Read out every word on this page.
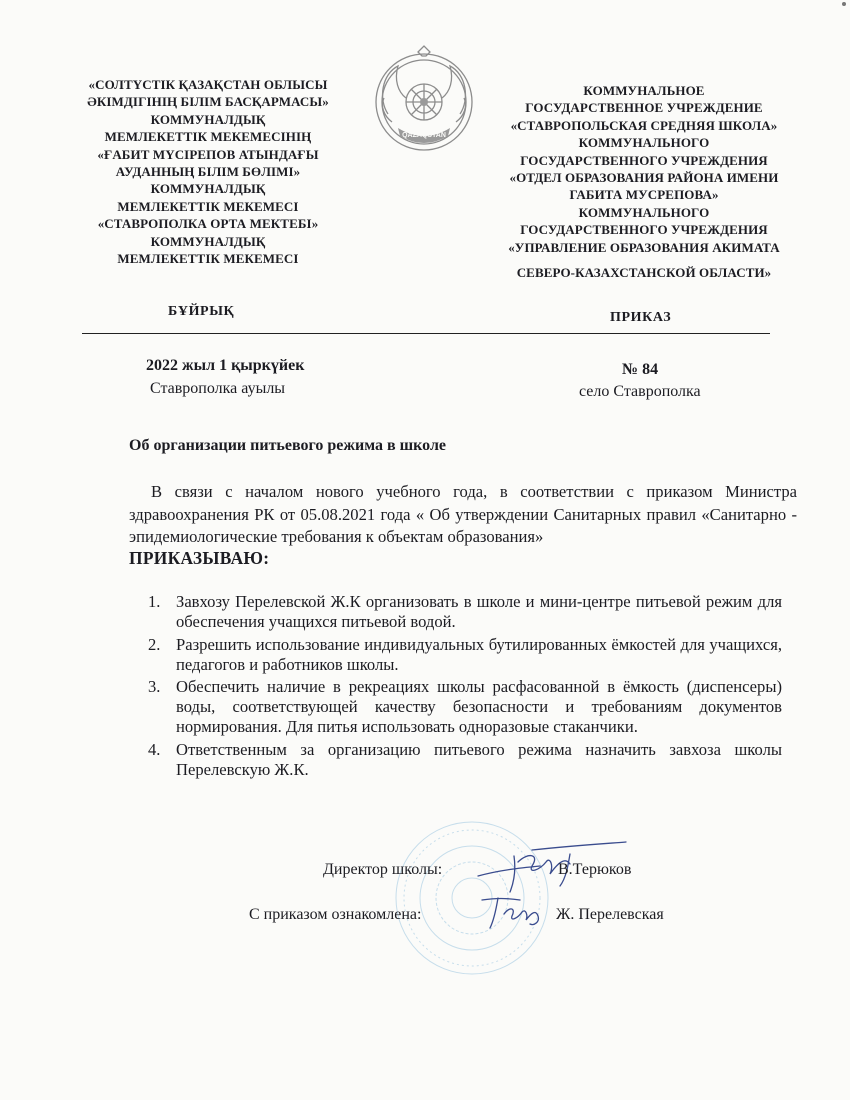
«СОЛТҮСТІК ҚАЗАҚСТАН ОБЛЫСЫ
ӘКІМДІГІНІҢ БІЛІМ БАСҚАРМАСЫ»
КОММУНАЛДЫҚ
МЕМЛЕКЕТТІК МЕКЕМЕСІНІҢ
«ҒАБИТ МҮСІРЕПОВ АТЫНДАҒЫ
АУДАННЫҢ БІЛІМ БӨЛІМІ»
КОММУНАЛДЫҚ
МЕМЛЕКЕТТІК МЕКЕМЕСІ
«СТАВРОПОЛКА ОРТА МЕКТЕБІ»
КОММУНАЛДЫҚ
МЕМЛЕКЕТТІК МЕКЕМЕСІ
QAZAQSTAN
КОММУНАЛЬНОЕ
ГОСУДАРСТВЕННОЕ УЧРЕЖДЕНИЕ
«СТАВРОПОЛЬСКАЯ СРЕДНЯЯ ШКОЛА»
КОММУНАЛЬНОГО
ГОСУДАРСТВЕННОГО УЧРЕЖДЕНИЯ
«ОТДЕЛ ОБРАЗОВАНИЯ РАЙОНА ИМЕНИ
ГАБИТА МУСРЕПОВА»
КОММУНАЛЬНОГО
ГОСУДАРСТВЕННОГО УЧРЕЖДЕНИЯ
«УПРАВЛЕНИЕ ОБРАЗОВАНИЯ АКИМАТА
СЕВЕРО-КАЗАХСТАНСКОЙ ОБЛАСТИ»
БҰЙРЫҚ	ПРИКАЗ
2022 жыл 1 қыркүйек
Ставрополка ауылы
№ 84
село Ставрополка
Об организации питьевого режима в школе
В связи с началом нового учебного года, в соответствии с приказом Министра здравоохранения РК от 05.08.2021 года « Об утверждении Санитарных правил «Санитарно - эпидемиологические требования к объектам образования»
ПРИКАЗЫВАЮ:
1. Завхозу Перелевской Ж.К организовать в школе и мини-центре питьевой режим для обеспечения учащихся питьевой водой.
2. Разрешить использование индивидуальных бутилированных ёмкостей для учащихся, педагогов и работников школы.
3. Обеспечить наличие в рекреациях школы расфасованной в ёмкость (диспенсеры) воды, соответствующей качеству безопасности и требованиям документов нормирования. Для питья использовать одноразовые стаканчики.
4. Ответственным за организацию питьевого режима назначить завхоза школы Перелевскую Ж.К.
Директор школы:	В.Терюков
С приказом ознакомлена:	Ж. Перелевская
